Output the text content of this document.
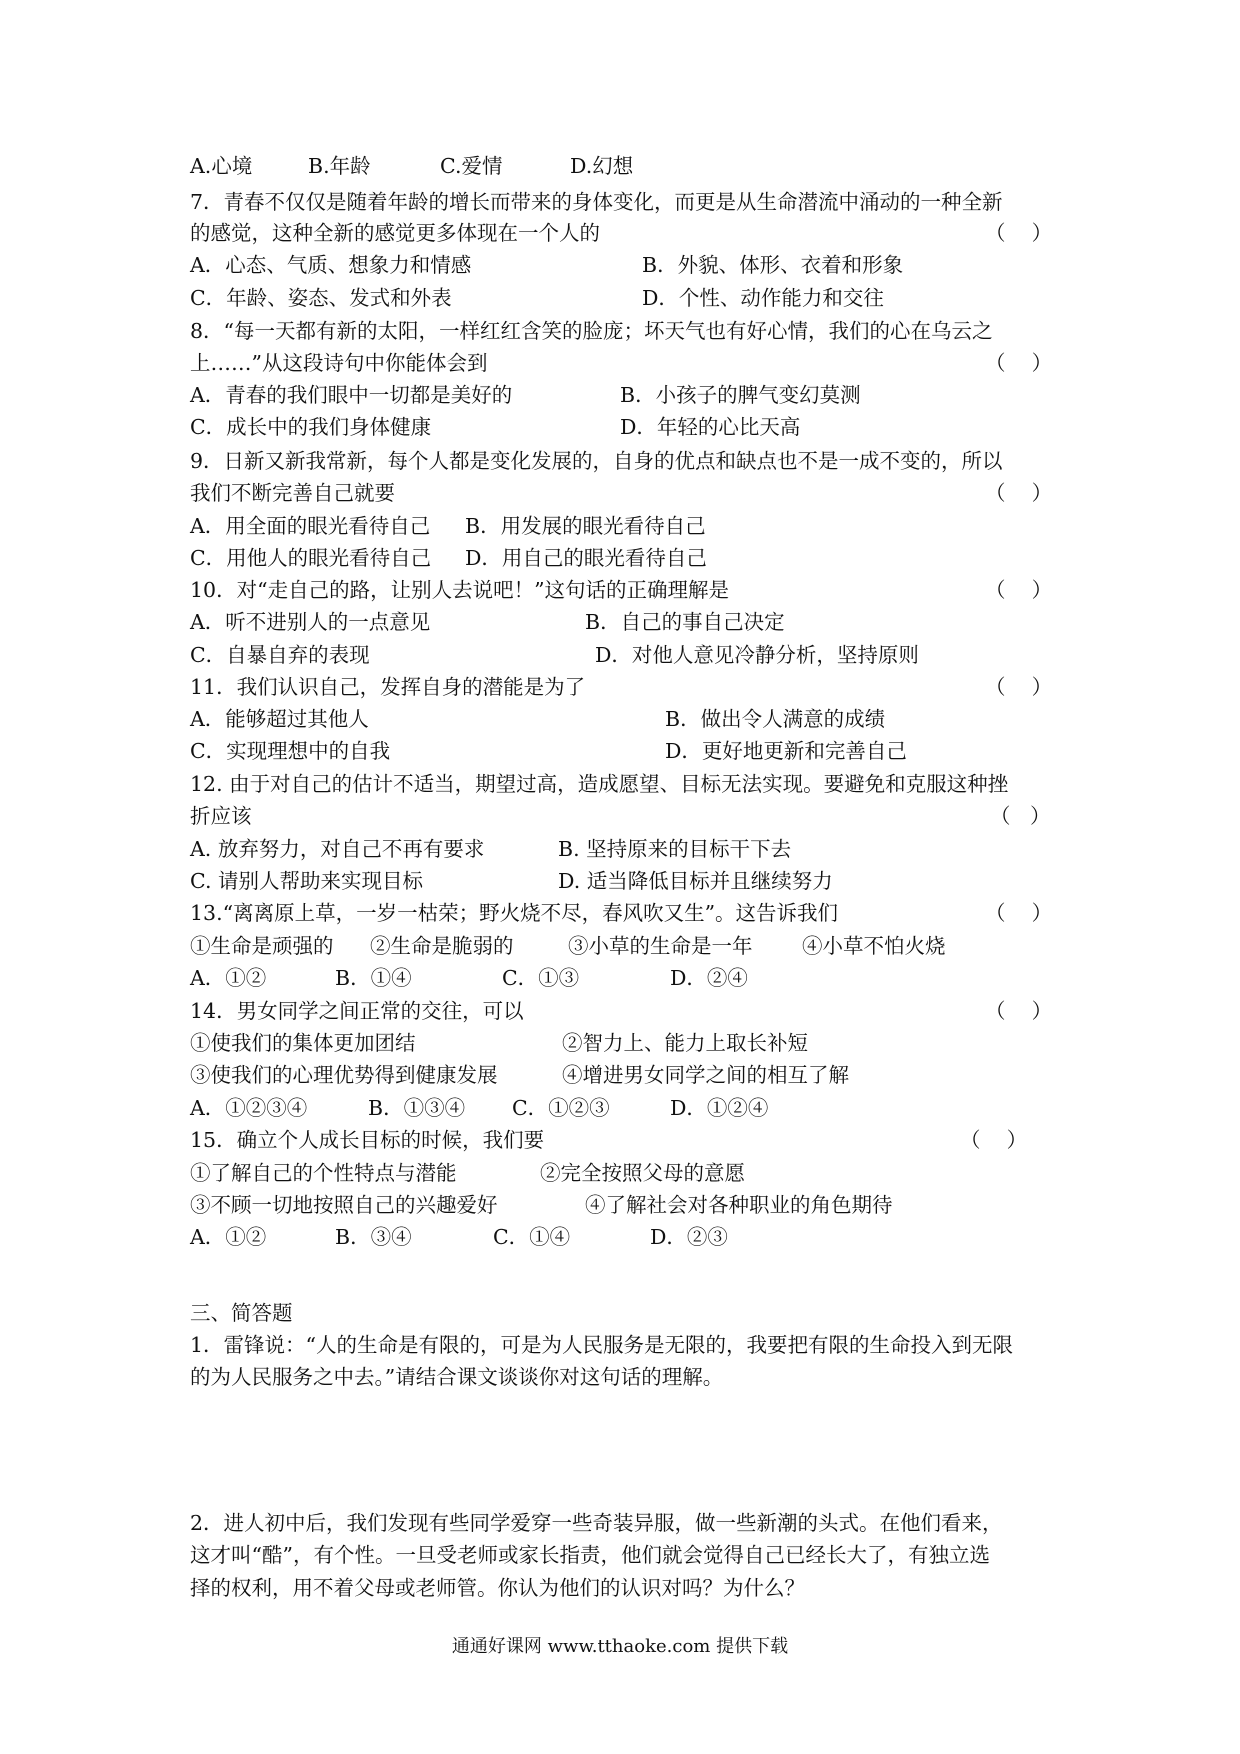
A.心境	B.年龄	C.爱情	D.幻想
7．青春不仅仅是随着年龄的增长而带来的身体变化，而更是从生命潜流中涌动的一种全新
的感觉，这种全新的感觉更多体现在一个人的	（    ）
A．心态、气质、想象力和情感	B．外貌、体形、衣着和形象
C．年龄、姿态、发式和外表	D．个性、动作能力和交往
8．“每一天都有新的太阳，一样红红含笑的脸庞；坏天气也有好心情，我们的心在乌云之
上……”从这段诗句中你能体会到	（    ）
A．青春的我们眼中一切都是美好的	B．小孩子的脾气变幻莫测
C．成长中的我们身体健康	D．年轻的心比天高
9．日新又新我常新，每个人都是变化发展的，自身的优点和缺点也不是一成不变的，所以
我们不断完善自己就要	（    ）
A．用全面的眼光看待自己 B．用发展的眼光看待自己
C．用他人的眼光看待自己 D．用自己的眼光看待自己
10．对“走自己的路，让别人去说吧！”这句话的正确理解是	（    ）
A．听不进别人的一点意见	B．自己的事自己决定
C．自暴自弃的表现	D．对他人意见冷静分析，坚持原则
11．我们认识自己，发挥自身的潜能是为了	（    ）
A．能够超过其他人	B．做出令人满意的成绩
C．实现理想中的自我	D．更好地更新和完善自己
12. 由于对自己的估计不适当，期望过高，造成愿望、目标无法实现。要避免和克服这种挫
折应该	（   ）
A. 放弃努力，对自己不再有要求	B. 坚持原来的目标干下去
C. 请别人帮助来实现目标	D. 适当降低目标并且继续努力
13.“离离原上草，一岁一枯荣；野火烧不尽，春风吹又生”。这告诉我们	（    ）
①生命是顽强的 ②生命是脆弱的	③小草的生命是一年 ④小草不怕火烧
A．①②	B．①④	C．①③	D．②④
14．男女同学之间正常的交往，可以	（    ）
①使我们的集体更加团结	②智力上、能力上取长补短
③使我们的心理优势得到健康发展	④增进男女同学之间的相互了解
A．①②③④	B．①③④ C．①②③	D．①②④
15．确立个人成长目标的时候，我们要	（    ）
①了解自己的个性特点与潜能	②完全按照父母的意愿
③不顾一切地按照自己的兴趣爱好	④了解社会对各种职业的角色期待
A．①②	B．③④	C．①④	D．②③
三、简答题
1．雷锋说：“人的生命是有限的，可是为人民服务是无限的，我要把有限的生命投入到无限
的为人民服务之中去。”请结合课文谈谈你对这句话的理解。
2．进人初中后，我们发现有些同学爱穿一些奇装异服，做一些新潮的头式。在他们看来，
这才叫“酷”，有个性。一旦受老师或家长指责，他们就会觉得自己已经长大了，有独立选
择的权利，用不着父母或老师管。你认为他们的认识对吗？为什么？
通通好课网 www.tthaoke.com 提供下载
